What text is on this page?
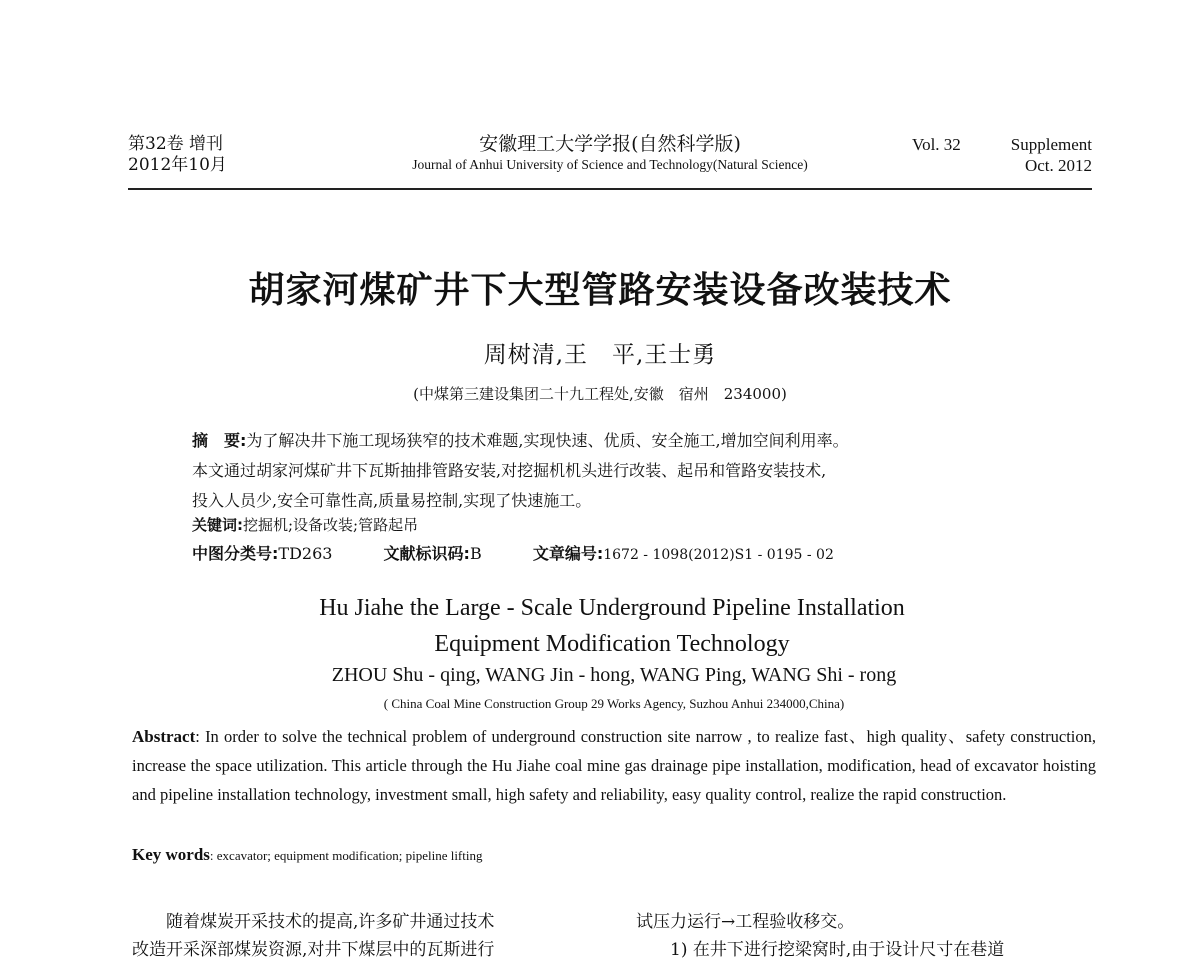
第32卷 增刊
2012年10月
安徽理工大学学报(自然科学版)
Journal of Anhui University of Science and Technology(Natural Science)
Vol. 32	Supplement
Oct. 2012
胡家河煤矿井下大型管路安装设备改装技术
周树清,王　平,王士勇
(中煤第三建设集团二十九工程处,安徽　宿州　234000)

摘　要:为了解决井下施工现场狭窄的技术难题,实现快速、优质、安全施工,增加空间利用率。

本文通过胡家河煤矿井下瓦斯抽排管路安装,对挖掘机机头进行改装、起吊和管路安装技术,

投入人员少,安全可靠性高,质量易控制,实现了快速施工。

关键词:挖掘机;设备改装;管路起吊
中图分类号:TD263	文献标识码:B	文章编号:1672 - 1098(2012)S1 - 0195 - 02
Hu Jiahe the Large - Scale Underground Pipeline Installation
Equipment Modification Technology
ZHOU Shu - qing, WANG Jin - hong, WANG Ping, WANG Shi - rong
( China Coal Mine Construction Group 29 Works Agency, Suzhou Anhui 234000,China)
Abstract: In order to solve the technical problem of underground construction site narrow , to realize fast、high quality、safety construction, increase the space utilization. This article through the Hu Jiahe coal mine gas drainage pipe installation, modification, head of excavator hoisting and pipeline installation technology, investment small, high safety and reliability, easy quality control, realize the rapid construction.
Key words: excavator; equipment modification; pipeline lifting

随着煤炭开采技术的提高,许多矿井通过技术

改造开采深部煤炭资源,对井下煤层中的瓦斯进行

试压力运行→工程验收移交。

1) 在井下进行挖梁窝时,由于设计尺寸在巷道
